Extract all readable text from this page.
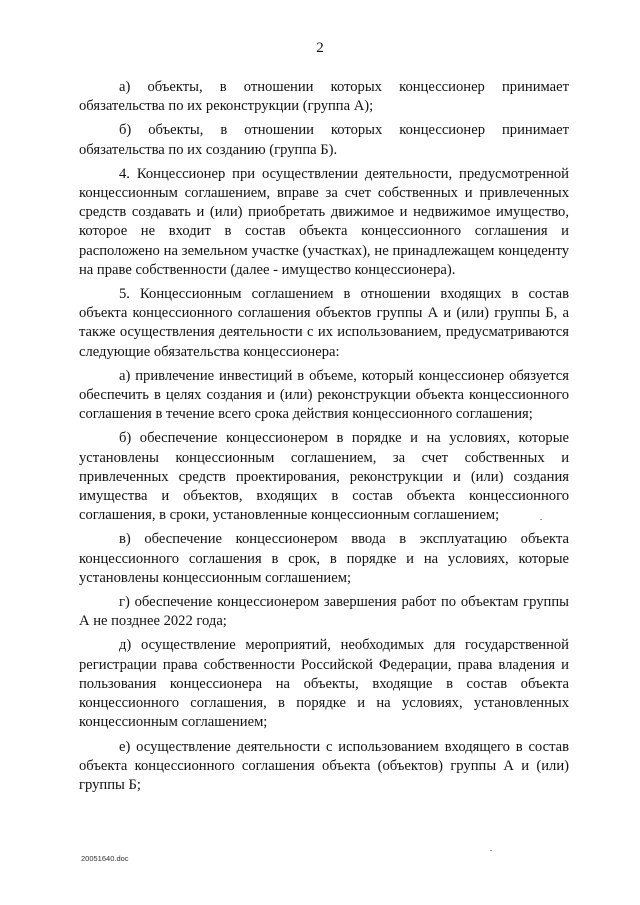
2

а) объекты, в отношении которых концессионер принимает обязательства по их реконструкции (группа А);

б) объекты, в отношении которых концессионер принимает обязательства по их созданию (группа Б).

4. Концессионер при осуществлении деятельности, предусмотренной концессионным соглашением, вправе за счет собственных и привлеченных средств создавать и (или) приобретать движимое и недвижимое имущество, которое не входит в состав объекта концессионного соглашения и расположено на земельном участке (участках), не принадлежащем концеденту на праве собственности (далее - имущество концессионера).

5. Концессионным соглашением в отношении входящих в состав объекта концессионного соглашения объектов группы А и (или) группы Б, а также осуществления деятельности с их использованием, предусматриваются следующие обязательства концессионера:

а) привлечение инвестиций в объеме, который концессионер обязуется обеспечить в целях создания и (или) реконструкции объекта концессионного соглашения в течение всего срока действия концессионного соглашения;

б) обеспечение концессионером в порядке и на условиях, которые установлены концессионным соглашением, за счет собственных и привлеченных средств проектирования, реконструкции и (или) создания имущества и объектов, входящих в состав объекта концессионного соглашения, в сроки, установленные концессионным соглашением;

в) обеспечение концессионером ввода в эксплуатацию объекта концессионного соглашения в срок, в порядке и на условиях, которые установлены концессионным соглашением;

г) обеспечение концессионером завершения работ по объектам группы А не позднее 2022 года;

д) осуществление мероприятий, необходимых для государственной регистрации права собственности Российской Федерации, права владения и пользования концессионера на объекты, входящие в состав объекта концессионного соглашения, в порядке и на условиях, установленных концессионным соглашением;

е) осуществление деятельности с использованием входящего в состав объекта концессионного соглашения объекта (объектов) группы А и (или) группы Б;

20051640.doc
